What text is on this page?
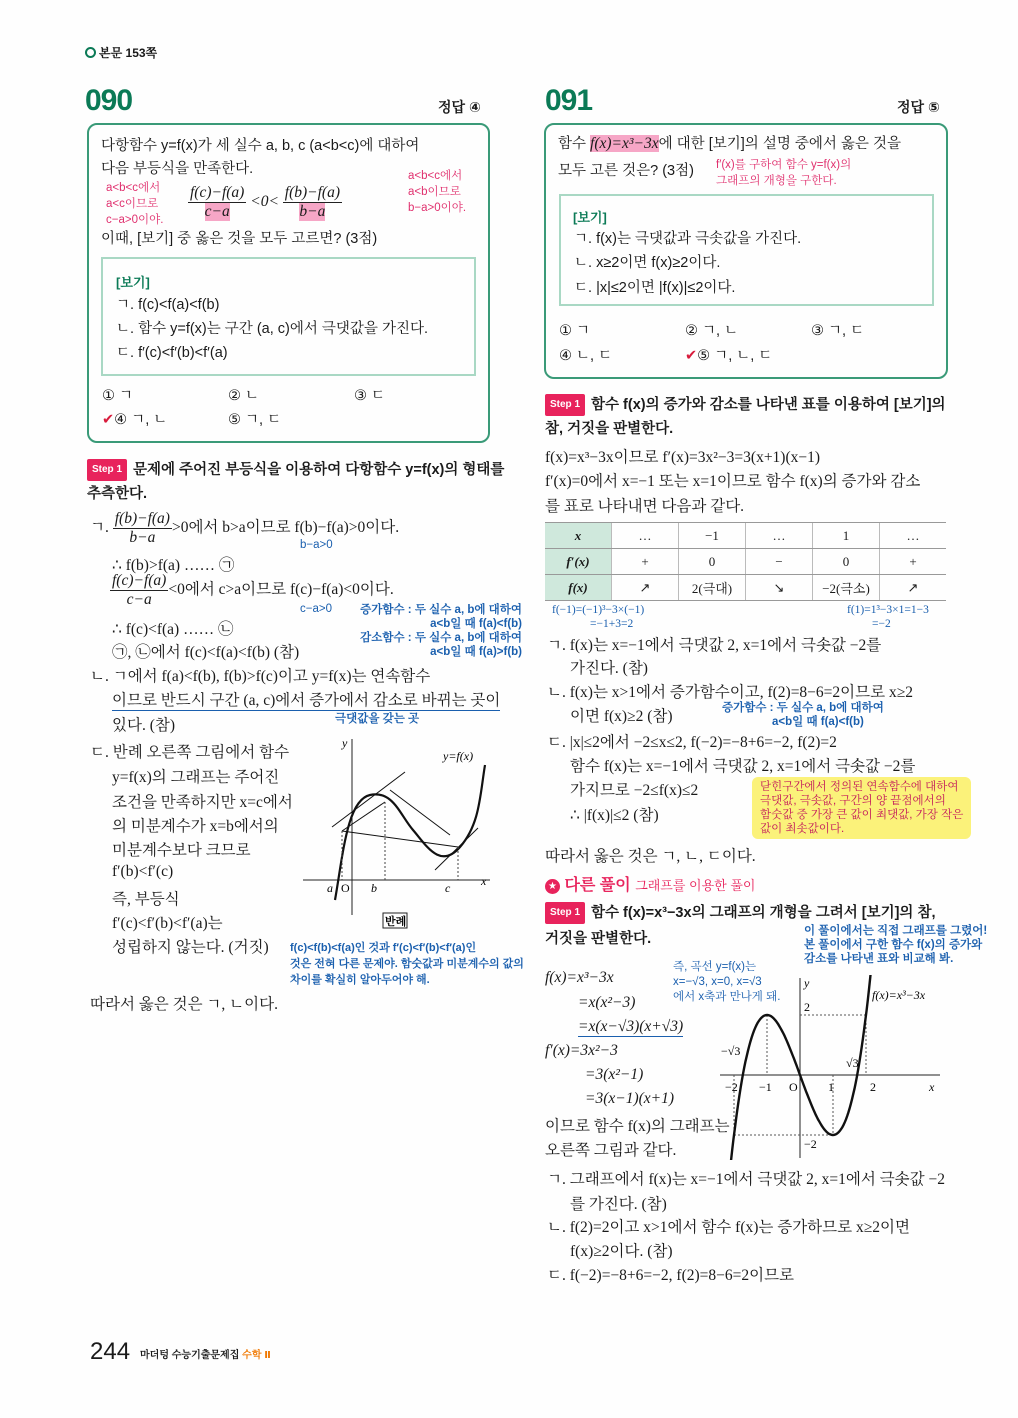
본문 153쪽
090	정답 ④
다항함수 y=f(x)가 세 실수 a, b, c (a<b<c)에 대하여
다음 부등식을 만족한다.
a<b<c에서
a<c이므로
c−a>0이야. $\frac{f(c)-f(a)}{c-a} <0< \frac{f(b)-f(a)}{b-a}$
a<b<c에서
a<b이므로
b−a>0이야.
이때, [보기] 중 옳은 것을 모두 고르면? (3점)
[보기]
ㄱ. f(c)<f(a)<f(b)
ㄴ. 함수 y=f(x)는 구간 (a, c)에서 극댓값을 가진다.
ㄷ. f′(c)<f′(b)<f′(a)
① ㄱ	② ㄴ	③ ㄷ
✔④ ㄱ, ㄴ	⑤ ㄱ, ㄷ
Step 1 문제에 주어진 부등식을 이용하여 다항함수 y=f(x)의 형태를
추측한다.
ㄱ. $\frac{f(b)-f(a)}{b-a} >0$에서 b>a이므로 f(b)−f(a)>0이다.
b−a>0
∴ f(b)>f(a) …… ㉠
$\frac{f(c)-f(a)}{c-a} <0$에서 c>a이므로 f(c)−f(a)<0이다.
c−a>0
∴ f(c)<f(a) …… ㉡
㉠, ㉡에서 f(c)<f(a)<f(b) (참)
증가함수 : 두 실수 a, b에 대하여
a<b일 때 f(a)<f(b)
감소함수 : 두 실수 a, b에 대하여
a<b일 때 f(a)>f(b)
ㄴ. ㄱ에서 f(a)<f(b), f(b)>f(c)이고 y=f(x)는 연속함수
이므로 반드시 구간 (a, c)에서 증가에서 감소로 바뀌는 곳이
있다. (참)	극댓값을 갖는 곳
ㄷ. 반례 오른쪽 그림에서 함수
y=f(x)의 그래프는 주어진
조건을 만족하지만 x=c에서
의 미분계수가 x=b에서의
미분계수보다 크므로
f′(b)<f′(c)
즉, 부등식
f′(c)<f′(b)<f′(a)는
성립하지 않는다. (거짓)
따라서 옳은 것은 ㄱ, ㄴ이다.
f(c)<f(b)<f(a)인 것과 f′(c)<f′(b)<f′(a)인
것은 전혀 다른 문제야. 함숫값과 미분계수의 값의
차이를 확실히 알아두어야 해.
y
x
y=f(x)
O
a	b	c
반례
091	정답 ⑤
함수 f(x)=x³−3x에 대한 [보기]의 설명 중에서 옳은 것을
모두 고른 것은? (3점) f′(x)를 구하여 함수 y=f(x)의
그래프의 개형을 구한다.
[보기]
ㄱ. f(x)는 극댓값과 극솟값을 가진다.
ㄴ. x≥2이면 f(x)≥2이다.
ㄷ. |x|≤2이면 |f(x)|≤2이다.
① ㄱ	② ㄱ, ㄴ	③ ㄱ, ㄷ
④ ㄴ, ㄷ	✔⑤ ㄱ, ㄴ, ㄷ
Step 1 함수 f(x)의 증가와 감소를 나타낸 표를 이용하여 [보기]의
참, 거짓을 판별한다.
f(x)=x³−3x이므로 f′(x)=3x²−3=3(x+1)(x−1)
f′(x)=0에서 x=−1 또는 x=1이므로 함수 f(x)의 증가와 감소
를 표로 나타내면 다음과 같다.
x	…	−1	…	1	…
f′(x)	+	0	−	0	+
f(x)	↗	2(극대)	↘	−2(극소)	↗
f(−1)=(−1)³−3×(−1)
=−1+3=2
f(1)=1³−3×1=1−3
=−2
ㄱ. f(x)는 x=−1에서 극댓값 2, x=1에서 극솟값 −2를
가진다. (참)
ㄴ. f(x)는 x>1에서 증가함수이고, f(2)=8−6=2이므로 x≥2
이면 f(x)≥2 (참)	증가함수 : 두 실수 a, b에 대하여
a<b일 때 f(a)<f(b)
ㄷ. |x|≤2에서 −2≤x≤2, f(−2)=−8+6=−2, f(2)=2
함수 f(x)는 x=−1에서 극댓값 2, x=1에서 극솟값 −2를
가지므로 −2≤f(x)≤2
∴ |f(x)|≤2 (참)
따라서 옳은 것은 ㄱ, ㄴ, ㄷ이다.
닫힌구간에서 정의된 연속함수에 대하여
극댓값, 극솟값, 구간의 양 끝점에서의
함숫값 중 가장 큰 값이 최댓값, 가장 작은
값이 최솟값이다.
★ 다른 풀이 그래프를 이용한 풀이
Step 1 함수 f(x)=x³−3x의 그래프의 개형을 그려서 [보기]의 참,
거짓을 판별한다.	이 풀이에서는 직접 그래프를 그렸어!
본 풀이에서 구한 함수 f(x)의 증가와
감소를 나타낸 표와 비교해 봐.
즉, 곡선 y=f(x)는
x=−√3, x=0, x=√3
에서 x축과 만나게 돼.
f(x)=x³−3x
=x(x²−3)
=x(x−√3)(x+√3)
f′(x)=3x²−3
=3(x²−1)
=3(x−1)(x+1)
이므로 함수 f(x)의 그래프는
오른쪽 그림과 같다.
y
x
f(x)=x³−3x
O
−2 −1	1	2
2
−2
−√3
√3
ㄱ. 그래프에서 f(x)는 x=−1에서 극댓값 2, x=1에서 극솟값 −2
를 가진다. (참)
ㄴ. f(2)=2이고 x>1에서 함수 f(x)는 증가하므로 x≥2이면
f(x)≥2이다. (참)
ㄷ. f(−2)=−8+6=−2, f(2)=8−6=2이므로
244 마더텅 수능기출문제집 수학 Ⅱ
